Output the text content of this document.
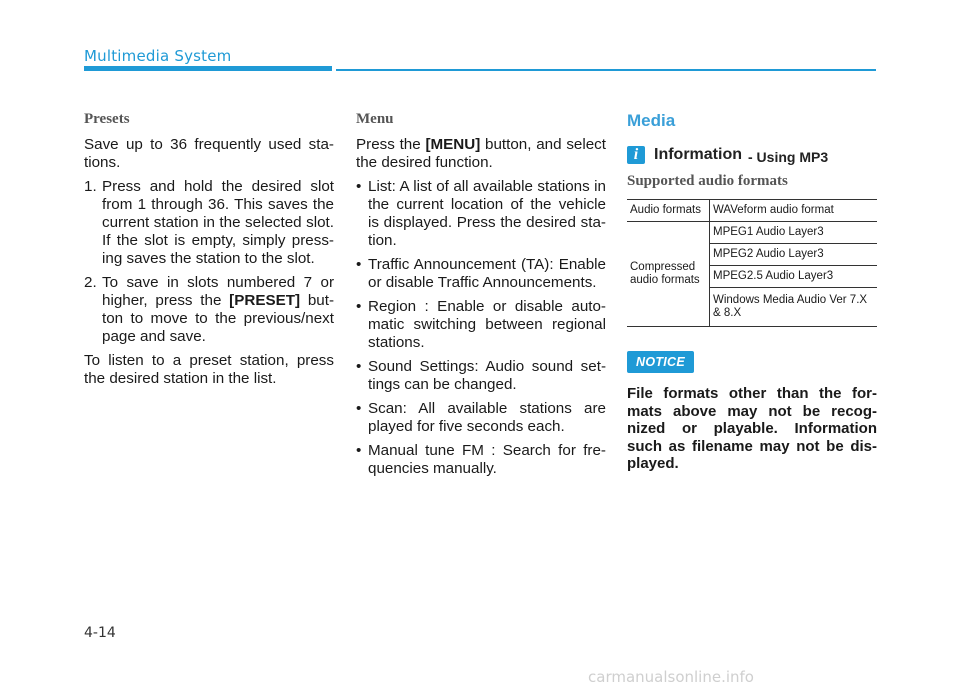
Multimedia System
Presets

Save up to 36 frequently used sta-tions.

1. Press and hold the desired slot from 1 through 36. This saves the current station in the selected slot. If the slot is empty, simply press-ing saves the station to the slot.
2. To save in slots numbered 7 or higher, press the [PRESET] but-ton to move to the previous/next page and save.

To listen to a preset station, press the desired station in the list.

Menu

Press the [MENU] button, and select the desired function.

• List: A list of all available stations in the current location of the vehicle is displayed. Press the desired sta-tion.
• Traffic Announcement (TA): Enable or disable Traffic Announcements.
• Region : Enable or disable auto-matic switching between regional stations.
• Sound Settings: Audio sound set-tings can be changed.
• Scan: All available stations are played for five seconds each.
• Manual tune FM : Search for fre-quencies manually.
Media
i Information - Using MP3
Supported audio formats
Audio formats	WAVeform audio format
Compressed audio formats	MPEG1 Audio Layer3
	MPEG2 Audio Layer3
	MPEG2.5 Audio Layer3
	Windows Media Audio Ver 7.X & 8.X
NOTICE
File formats other than the for-mats above may not be recog-nized or playable. Information such as filename may not be dis-played.
4-14
carmanualsonline.info
